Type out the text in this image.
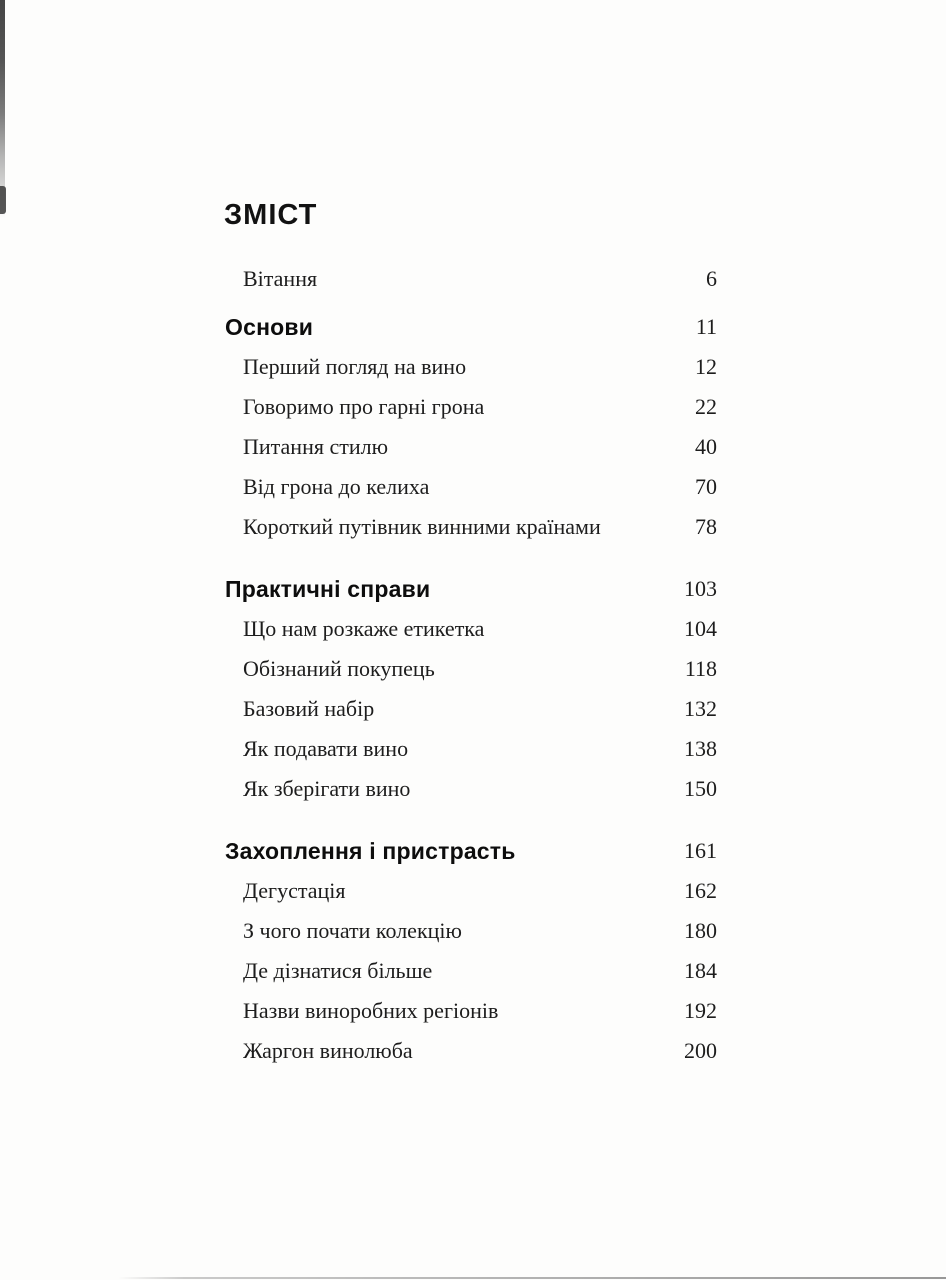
ЗМІСТ
Вітання	6
Основи	11
Перший погляд на вино	12
Говоримо про гарні грона	22
Питання стилю	40
Від грона до келиха	70
Короткий путівник винними країнами	78
Практичні справи	103
Що нам розкаже етикетка	104
Обізнаний покупець	118
Базовий набір	132
Як подавати вино	138
Як зберігати вино	150
Захоплення і пристрасть	161
Дегустація	162
З чого почати колекцію	180
Де дізнатися більше	184
Назви виноробних регіонів	192
Жаргон винолюба	200
